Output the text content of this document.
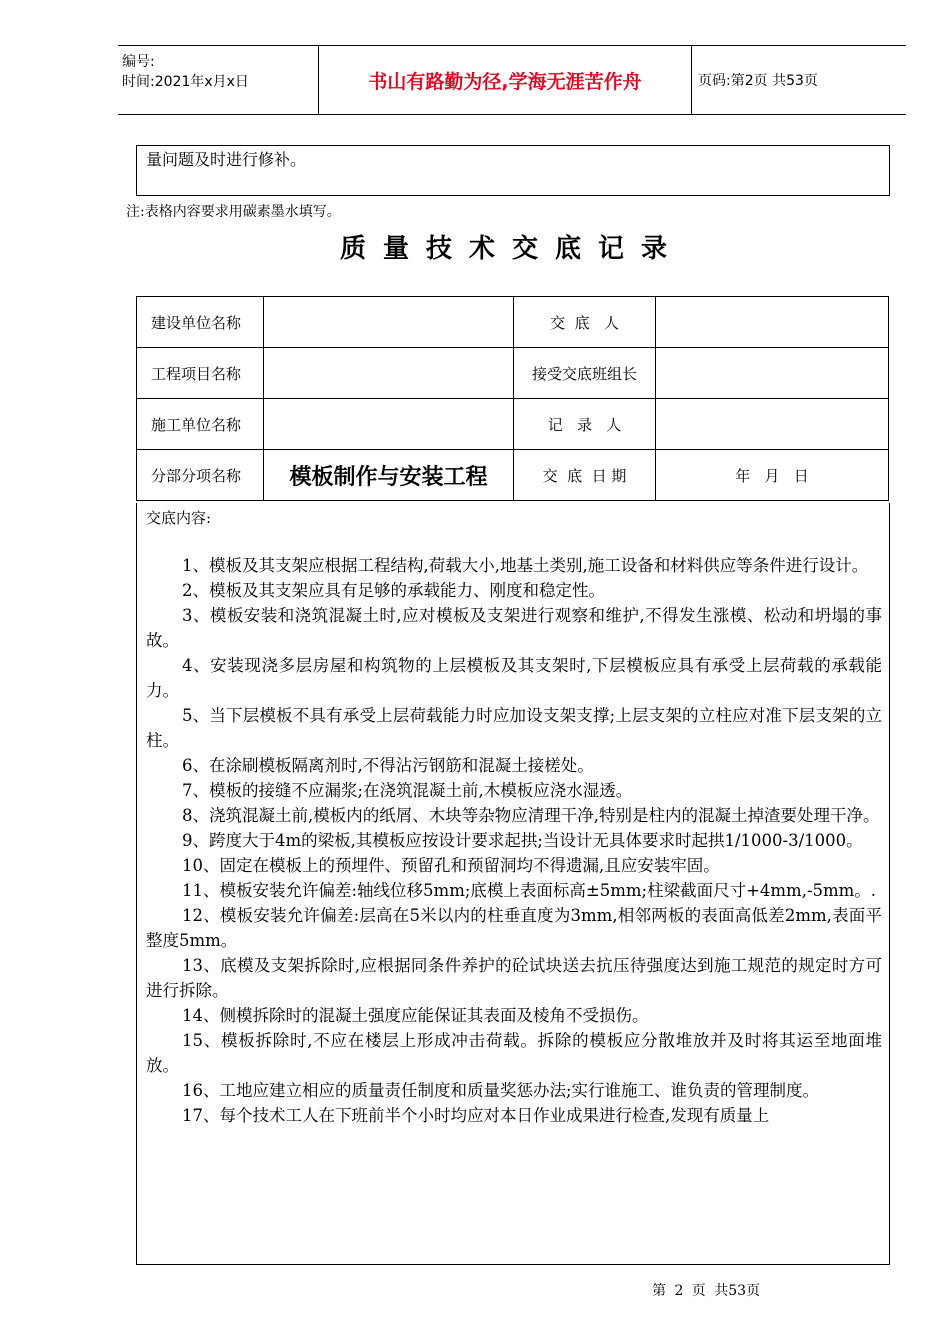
编号:
时间:2021年x月x日	书山有路勤为径,学海无涯苦作舟	页码:第2页 共53页
量问题及时进行修补。
注:表格内容要求用碳素墨水填写。
质量技术交底记录
建设单位名称		交  底   人	
工程项目名称		接受交底班组长	
施工单位名称		记   录   人	
分部分项名称	模板制作与安装工程	交  底  日 期	年   月   日
交底内容:

1、模板及其支架应根据工程结构,荷载大小,地基土类别,施工设备和材料供应等条件进行设计。

2、模板及其支架应具有足够的承载能力、刚度和稳定性。

3、模板安装和浇筑混凝土时,应对模板及支架进行观察和维护,不得发生涨模、松动和坍塌的事故。

4、安装现浇多层房屋和构筑物的上层模板及其支架时,下层模板应具有承受上层荷载的承载能力。

5、当下层模板不具有承受上层荷载能力时应加设支架支撑;上层支架的立柱应对准下层支架的立柱。

6、在涂刷模板隔离剂时,不得沾污钢筋和混凝土接槎处。

7、模板的接缝不应漏浆;在浇筑混凝土前,木模板应浇水湿透。

8、浇筑混凝土前,模板内的纸屑、木块等杂物应清理干净,特别是柱内的混凝土掉渣要处理干净。

9、跨度大于4m的梁板,其模板应按设计要求起拱;当设计无具体要求时起拱1/1000-3/1000。

10、固定在模板上的预埋件、预留孔和预留洞均不得遗漏,且应安装牢固。

11、模板安装允许偏差:轴线位移5mm;底模上表面标高±5mm;柱梁截面尺寸+4mm,-5mm。.

12、模板安装允许偏差:层高在5米以内的柱垂直度为3mm,相邻两板的表面高低差2mm,表面平整度5mm。

13、底模及支架拆除时,应根据同条件养护的砼试块送去抗压待强度达到施工规范的规定时方可进行拆除。

14、侧模拆除时的混凝土强度应能保证其表面及棱角不受损伤。

15、模板拆除时,不应在楼层上形成冲击荷载。拆除的模板应分散堆放并及时将其运至地面堆放。

16、工地应建立相应的质量责任制度和质量奖惩办法;实行谁施工、谁负责的管理制度。

17、每个技术工人在下班前半个小时均应对本日作业成果进行检查,发现有质量上

第 2 页 共53页
